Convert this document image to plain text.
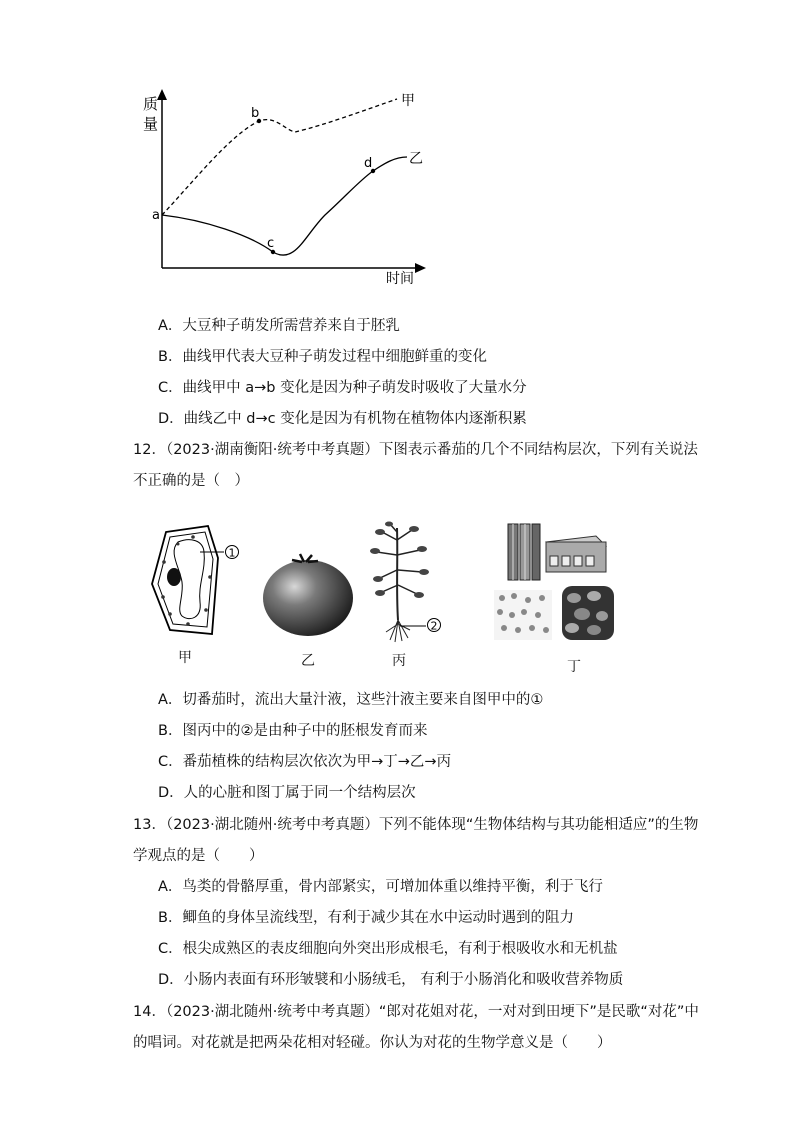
质
量
a
b
c
d
甲
乙
时间
A．大豆种子萌发所需营养来自于胚乳
B．曲线甲代表大豆种子萌发过程中细胞鲜重的变化
C．曲线甲中 a→b 变化是因为种子萌发时吸收了大量水分
D．曲线乙中 d→c 变化是因为有机物在植物体内逐渐积累
12．（2023·湖南衡阳·统考中考真题）下图表示番茄的几个不同结构层次，下列有关说法
不正确的是（　）
1
甲	乙
2
丙	丁
A．切番茄时，流出大量汁液，这些汁液主要来自图甲中的①
B．图丙中的②是由种子中的胚根发育而来
C．番茄植株的结构层次依次为甲→丁→乙→丙
D．人的心脏和图丁属于同一个结构层次
13．（2023·湖北随州·统考中考真题）下列不能体现“生物体结构与其功能相适应”的生物
学观点的是（　　）
A．鸟类的骨骼厚重，骨内部紧实，可增加体重以维持平衡，利于飞行
B．鲫鱼的身体呈流线型，有利于减少其在水中运动时遇到的阻力
C．根尖成熟区的表皮细胞向外突出形成根毛，有利于根吸收水和无机盐
D．小肠内表面有环形皱襞和小肠绒毛， 有利于小肠消化和吸收营养物质
14．（2023·湖北随州·统考中考真题）“郎对花姐对花，一对对到田埂下”是民歌“对花”中
的唱词。对花就是把两朵花相对轻碰。你认为对花的生物学意义是（　　）
